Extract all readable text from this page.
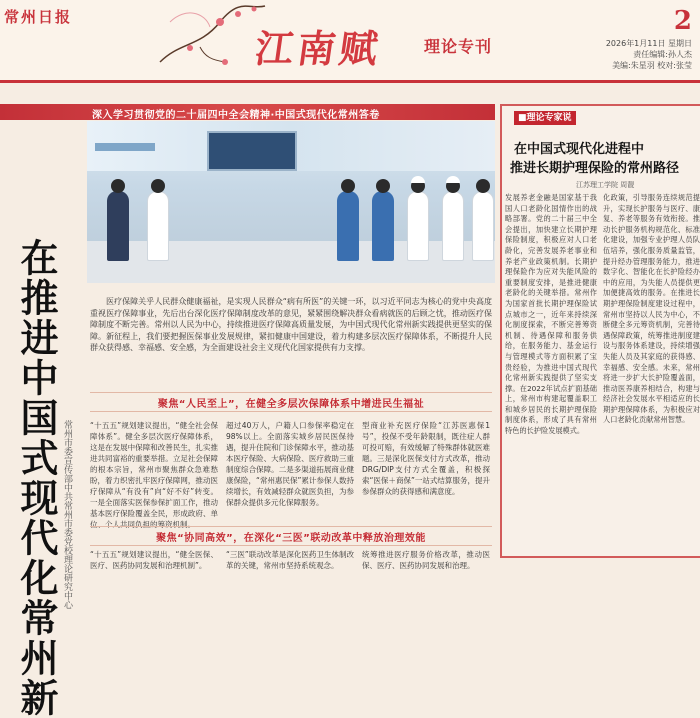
常州日报
江南赋 理论专刊
2
2026年1月11日 星期日
责任编辑:孙人杰
美编:朱星羽 校对:张莹
深入学习贯彻党的二十届四中全会精神·中国式现代化常州答卷
在推进中国式现代化常州新 常州市委宣传部中共常州市委党校理论研究中心
医疗保障关乎人民群众健康福祉，是实现人民群众“病有所医”的关键一环，以习近平同志为核心的党中央高度重视医疗保障事业，先后出台深化医疗保障制度改革的意见，紧紧围绕解决群众看病就医的后顾之忧，推动医疗保障制度不断完善。常州以人民为中心，持续推进医疗保障高质量发展，为中国式现代化常州新实践提供更坚实的保障。新征程上，我们要把握医保事业发展规律，紧扣健康中国建设，着力构建多层次医疗保障体系，不断提升人民群众获得感、幸福感、安全感，为全面建设社会主义现代化国家提供有力支撑。
聚焦“人民至上”，在健全多层次保障体系中增进民生福祉
“十五五”规划建议提出，“健全社会保障体系”。健全多层次医疗保障体系，这是在发展中保障和改善民生，扎实推进共同富裕的重要举措。立足社会保障的根本宗旨，常州市聚焦群众急难愁盼，着力织密扎牢医疗保障网，推动医疗保障从“有没有”向“好不好”转变。一是全面落实医保参保扩面工作，推动基本医疗保险覆盖全民，形成政府、单位、个人共同负担的筹资机制。
超过40万人，户籍人口参保率稳定在98%以上。全面落实城乡居民医保待遇，提升住院和门诊保障水平，推动基本医疗保险、大病保险、医疗救助三重制度综合保障。二是多渠道拓展商业健康保险，“常州惠民保”累计参保人数持续增长，有效减轻群众就医负担，为参保群众提供多元化保障服务。
型商业补充医疗保险“江苏医惠保1号”，投保不受年龄限制，既往症人群可投可赔，有效缓解了特殊群体就医难题。三是深化医保支付方式改革，推动DRG/DIP支付方式全覆盖，积极探索“医保＋商保”一站式结算服务，提升参保群众的获得感和满意度。
聚焦“协同高效”，在深化“三医”联动改革中释放治理效能
“十五五”规划建议提出，“健全医保、医疗、医药协同发展和治理机制”。
“三医”联动改革是深化医药卫生体制改革的关键，常州市坚持系统观念。
统筹推进医疗服务价格改革，推动医保、医疗、医药协同发展和治理。
■理论专家说
在中国式现代化进程中
推进长期护理保险的常州路径
江苏理工学院 周靓
发展养老金融是国家基于我国人口老龄化国情作出的战略部署。党的二十届三中全会提出，加快建立长期护理保险制度，积极应对人口老龄化，完善发展养老事业和养老产业政策机制。长期护理保险作为应对失能风险的重要制度安排，是推进健康老龄化的关键举措。常州作为国家首批长期护理保险试点城市之一，近年来持续深化制度探索，不断完善筹资机制、待遇保障和服务供给，在服务能力、基金运行与管理模式等方面积累了宝贵经验，为推进中国式现代化常州新实践提供了坚实支撑。在2022年试点扩面基础上，常州市构建起覆盖职工和城乡居民的长期护理保险制度体系，形成了具有常州特色的长护险发展模式。
化政策，引导服务连续规范提升，实现长护服务与医疗、康复、养老等服务有效衔接。推动长护服务机构规范化、标准化建设，加强专业护理人员队伍培养，强化服务质量监管，提升经办管理服务能力，推进数字化、智能化在长护险经办中的应用，为失能人员提供更加便捷高效的服务。在推进长期护理保险制度建设过程中，常州市坚持以人民为中心，不断健全多元筹资机制，完善待遇保障政策，统筹推进制度建设与服务体系建设，持续增强失能人员及其家庭的获得感、幸福感、安全感。未来，常州将进一步扩大长护险覆盖面，推动医养康养相结合，构建与经济社会发展水平相适应的长期护理保障体系，为积极应对人口老龄化贡献常州智慧。
